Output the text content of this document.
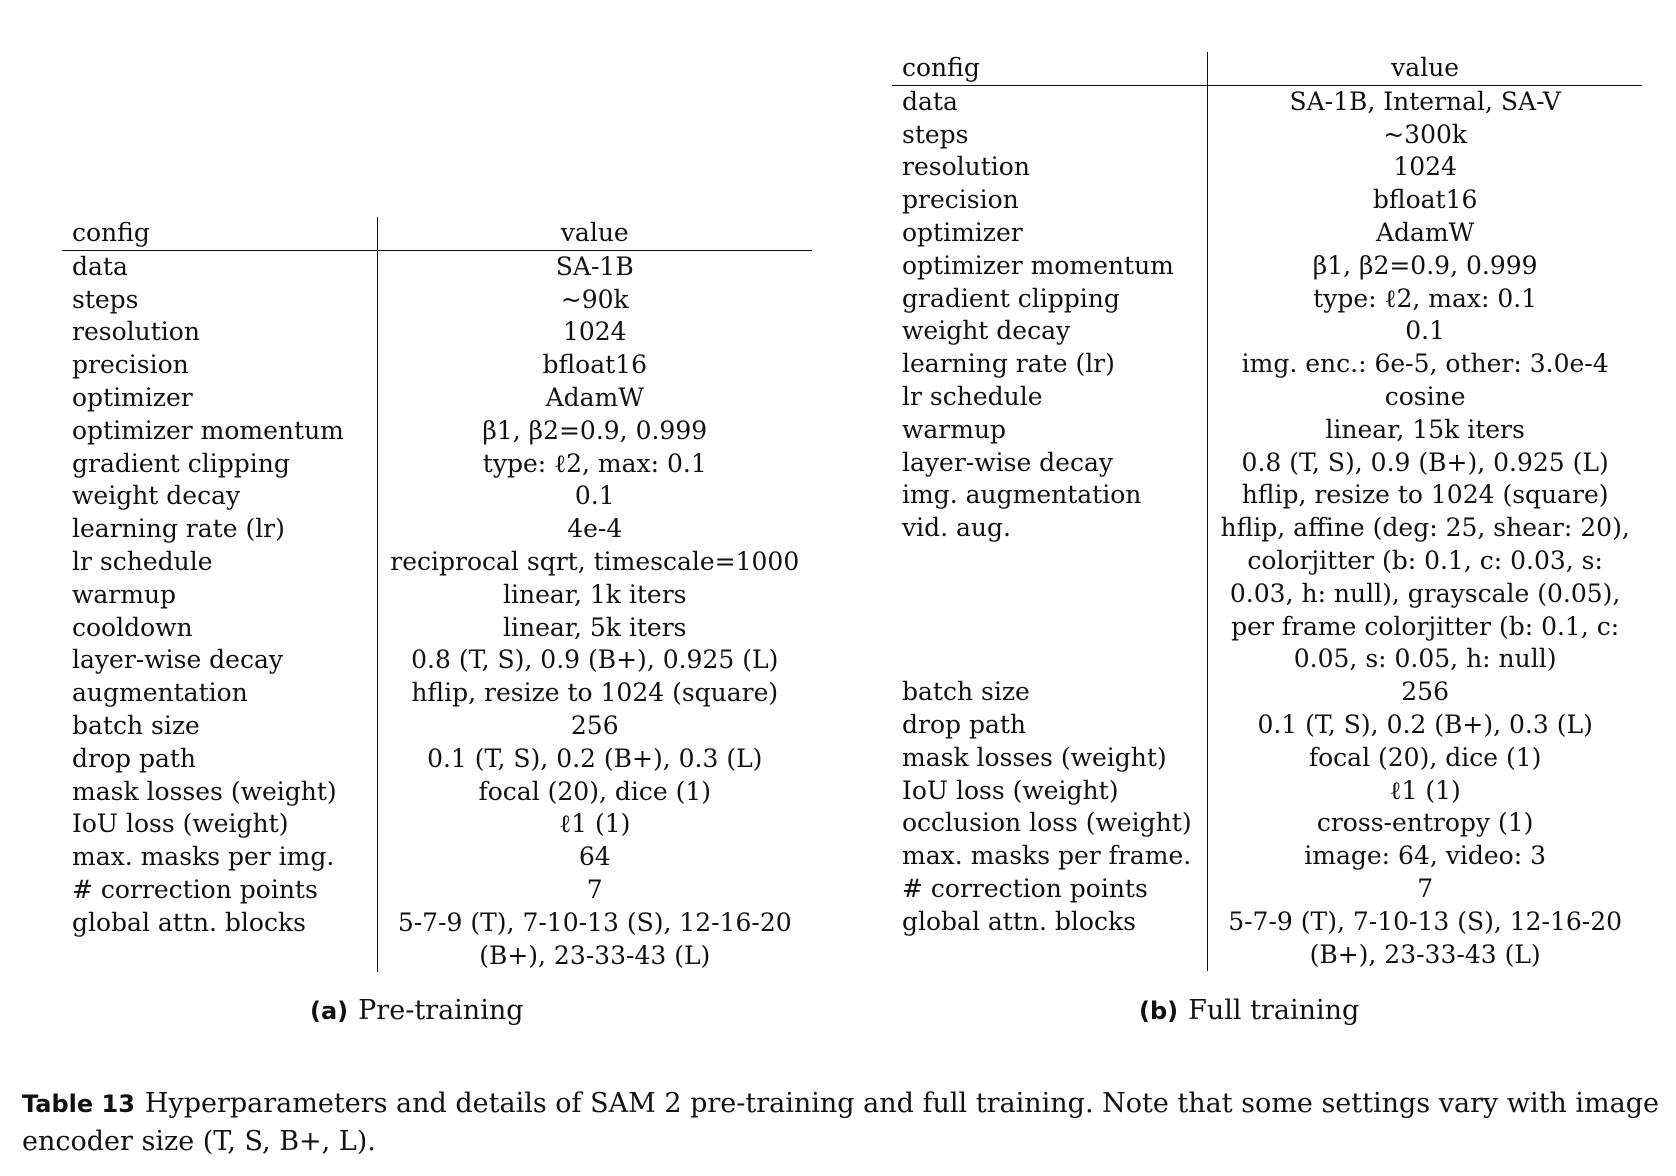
config	value
data	SA-1B
steps	~90k
resolution	1024
precision	bfloat16
optimizer	AdamW
optimizer momentum	β1, β2=0.9, 0.999
gradient clipping	type: ℓ2, max: 0.1
weight decay	0.1
learning rate (lr)	4e-4
lr schedule	reciprocal sqrt, timescale=1000
warmup	linear, 1k iters
cooldown	linear, 5k iters
layer-wise decay	0.8 (T, S), 0.9 (B+), 0.925 (L)
augmentation	hflip, resize to 1024 (square)
batch size	256
drop path	0.1 (T, S), 0.2 (B+), 0.3 (L)
mask losses (weight)	focal (20), dice (1)
IoU loss (weight)	ℓ1 (1)
max. masks per img.	64
# correction points	7
global attn. blocks	5-7-9 (T), 7-10-13 (S), 12-16-20
	(B+), 23-33-43 (L)
config	value
data	SA-1B, Internal, SA-V
steps	~300k
resolution	1024
precision	bfloat16
optimizer	AdamW
optimizer momentum	β1, β2=0.9, 0.999
gradient clipping	type: ℓ2, max: 0.1
weight decay	0.1
learning rate (lr)	img. enc.: 6e-5, other: 3.0e-4
lr schedule	cosine
warmup	linear, 15k iters
layer-wise decay	0.8 (T, S), 0.9 (B+), 0.925 (L)
img. augmentation	hflip, resize to 1024 (square)
vid. aug.	hflip, affine (deg: 25, shear: 20),
	colorjitter (b: 0.1, c: 0.03, s:
	0.03, h: null), grayscale (0.05),
	per frame colorjitter (b: 0.1, c:
	0.05, s: 0.05, h: null)
batch size	256
drop path	0.1 (T, S), 0.2 (B+), 0.3 (L)
mask losses (weight)	focal (20), dice (1)
IoU loss (weight)	ℓ1 (1)
occlusion loss (weight)	cross-entropy (1)
max. masks per frame.	image: 64, video: 3
# correction points	7
global attn. blocks	5-7-9 (T), 7-10-13 (S), 12-16-20
	(B+), 23-33-43 (L)
(a) Pre-training	(b) Full training
Table 13 Hyperparameters and details of SAM 2 pre-training and full training. Note that some settings vary with image encoder size (T, S, B+, L).
